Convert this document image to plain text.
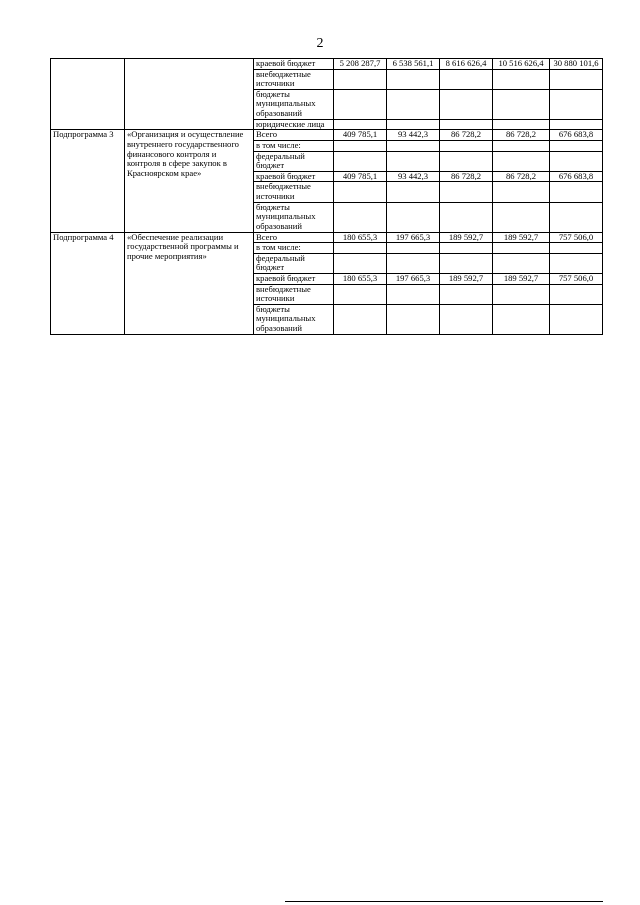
2
		краевой бюджет	5 208 287,7	6 538 561,1	8 616 626,4	10 516 626,4	30 880 101,6
		внебюджетные источники					
		бюджеты муниципальных образований					
		юридические лица					
Подпрограмма 3	«Организация и осуществление внутреннего государственного финансового контроля и контроля в сфере закупок в Красноярском крае»	Всего	409 785,1	93 442,3	86 728,2	86 728,2	676 683,8
		в том числе:					
		федеральный бюджет					
		краевой бюджет	409 785,1	93 442,3	86 728,2	86 728,2	676 683,8
		внебюджетные источники					
		бюджеты муниципальных образований					
Подпрограмма 4	«Обеспечение реализации государственной программы и прочие мероприятия»	Всего	180 655,3	197 665,3	189 592,7	189 592,7	757 506,0
		в том числе:					
		федеральный бюджет					
		краевой бюджет	180 655,3	197 665,3	189 592,7	189 592,7	757 506,0
		внебюджетные источники					
		бюджеты муниципальных образований					
